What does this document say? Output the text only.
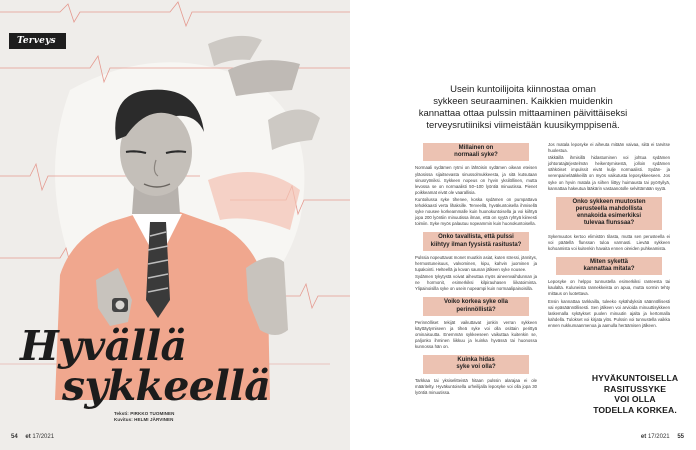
Terveys
Hyvällä
sykkeellä
Teksti: PIRKKO TUOMINEN
Kuvitus: HELMI JÄRVINEN
54 et 17/2021
Usein kuntoilijoita kiinnostaa oman
sykkeen seuraaminen. Kaikkien muidenkin
kannattaa ottaa pulssin mittaaminen päivittäiseksi
terveysrutiiniksi viimeistään kuusikymppisenä.
Millainen on
normaali syke?

Normaali sydämen rytmi on lähtöisin sydämen oikean eteisen yläosissa sijaitsevasta sinussolmukkeesta, ja sitä kutsutaan sinusrytmiksi. Sykkeen nopeus on hyvin yksilöllinen, mutta levossa se on normaalisti 50–100 lyöntiä minuutissa. Pienet poikkeamat eivät ole vaarallisia.

Kuntoilussa syke tihenee, koska sydämen on pumpattava tehokkaasti verta lihaksille. Terveellä, hyväkuntoisella ihmisellä syke nousee korkeammalle kuin huonokuntoisella ja voi kiihtyä jopa 200 lyöntiin minuutissa ilman, että on syytä ryhtyä kiireesti toimiin. Syke myös palautuu nopeammin kuin huonokuntoisella.

Onko tavallista, että pulssi
kiihtyy ilman fyysistä rasitusta?

Pulssia nopeuttavat monet muutkin asiat, kuten stressi, jännitys, hermostuneisuus, valvominen, kipu, kahvin juominen ja tupakointi. Helteellä ja kovan saunan jälkeen syke nousee.

Sydämen tykytystä voivat aiheuttaa myös aineenvaihdunnan ja ne hormonit, esimerkiksi kilpirauhasen liikatoiminta. Ylipainoisilla syke on usein nopeampi kuin normaalipainoisilla.

Voiko korkea syke olla
perinnöllistä?

Perinnölliset tekijät vaikuttavat jonkin verran sykkeen käyttäytymiseen ja tiheä syke voi olla osittain perittyä ominaisuutta. Enemmän sykkeeseen vaikuttaa kuitenkin se, paljonko ihminen liikkuu ja kuinka hyvässä tai huonossa kunnossa hän on.

Kuinka hidas
syke voi olla?

Tarkkaa tai yksiselitteistä hitaan pulssin alarajaa ei ole määritelty. Hyväkuntoisella urheilijalla leposyke voi olla jopa 30 lyöntiä minuutissa.

Jos matala leposyke ei aiheuta mitään vaivaa, siitä ei tarvitse huolestua.

Iäkkäillä ihmisillä hidastuminen voi johtua sydämen johtoratajärjestelmän heikentymisestä, jolloin sydämen sähköiset impulssit eivät kulje normaalisti. Sydän- ja verenpainelääkkeillä on myös vaikutusta leposykkeeseen. Jos syke on hyvin matala ja siihen liittyy huimausta tai pyörtyilyä, kannattaa hakeutua lääkärin vastaanotolle selvittämään syytä.

Onko sykkeen muutosten
perusteella mahdollista
ennakoida esimerkiksi
tulevaa flunssaa?

Sykemuutos kertoo elimistön tilasta, mutta sen perusteella ei voi päätellä flunssan tuloa varmasti. Lievää sykkeen kohoamista voi kuitenkin havaita ennen oireiden puhkeamista.

Miten sykettä
kannattaa mitata?

Leposyke on helppo tunnustella esimerkiksi ranteesta tai kaulalta. Kuluneista rannekkeista on apua, mutta sormin tehty mittaus on luotettava.

Ensin kannattaa tarkkailla, tuleeko sykähdyksiä säännöllisesti vai epäsäännöllisesti. Sen jälkeen voi arvioida minuuttisykkeen laskemalla sykäykset puolen minuutin ajalta ja kertomalla kahdella. Tulokset voi kirjata ylös. Pulssin voi tunnustella vaikka ennen nukkumaanmenoa ja aamulla heräämisen jälkeen.

et 17/2021 55
HYVÄKUNTOISELLA
RASITUSSYKE
VOI OLLA
TODELLA KORKEA.
